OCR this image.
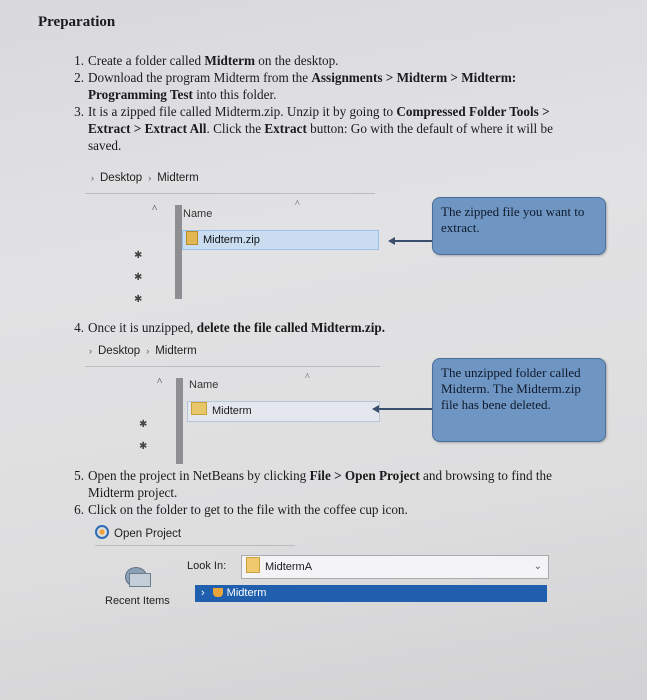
Preparation
1. Create a folder called Midterm on the desktop.
2. Download the program Midterm from the Assignments > Midterm > Midterm:
Programming Test into this folder.
3. It is a zipped file called Midterm.zip. Unzip it by going to Compressed Folder Tools >
Extract > Extract All. Click the Extract button: Go with the default of where it will be
saved.
› Desktop › Midterm
^ Name
^
✱
✱
✱
Midterm.zip
The zipped file you want to extract.
4. Once it is unzipped, delete the file called Midterm.zip.
› Desktop › Midterm
^ Name
^
✱
✱
Midterm
The unzipped folder called Midterm. The Midterm.zip file has bene deleted.
5. Open the project in NetBeans by clicking File > Open Project and browsing to find the
Midterm project.
6. Click on the folder to get to the file with the coffee cup icon.
Open Project
Look In:	MidtermA	⌄
Recent Items
› Midterm
